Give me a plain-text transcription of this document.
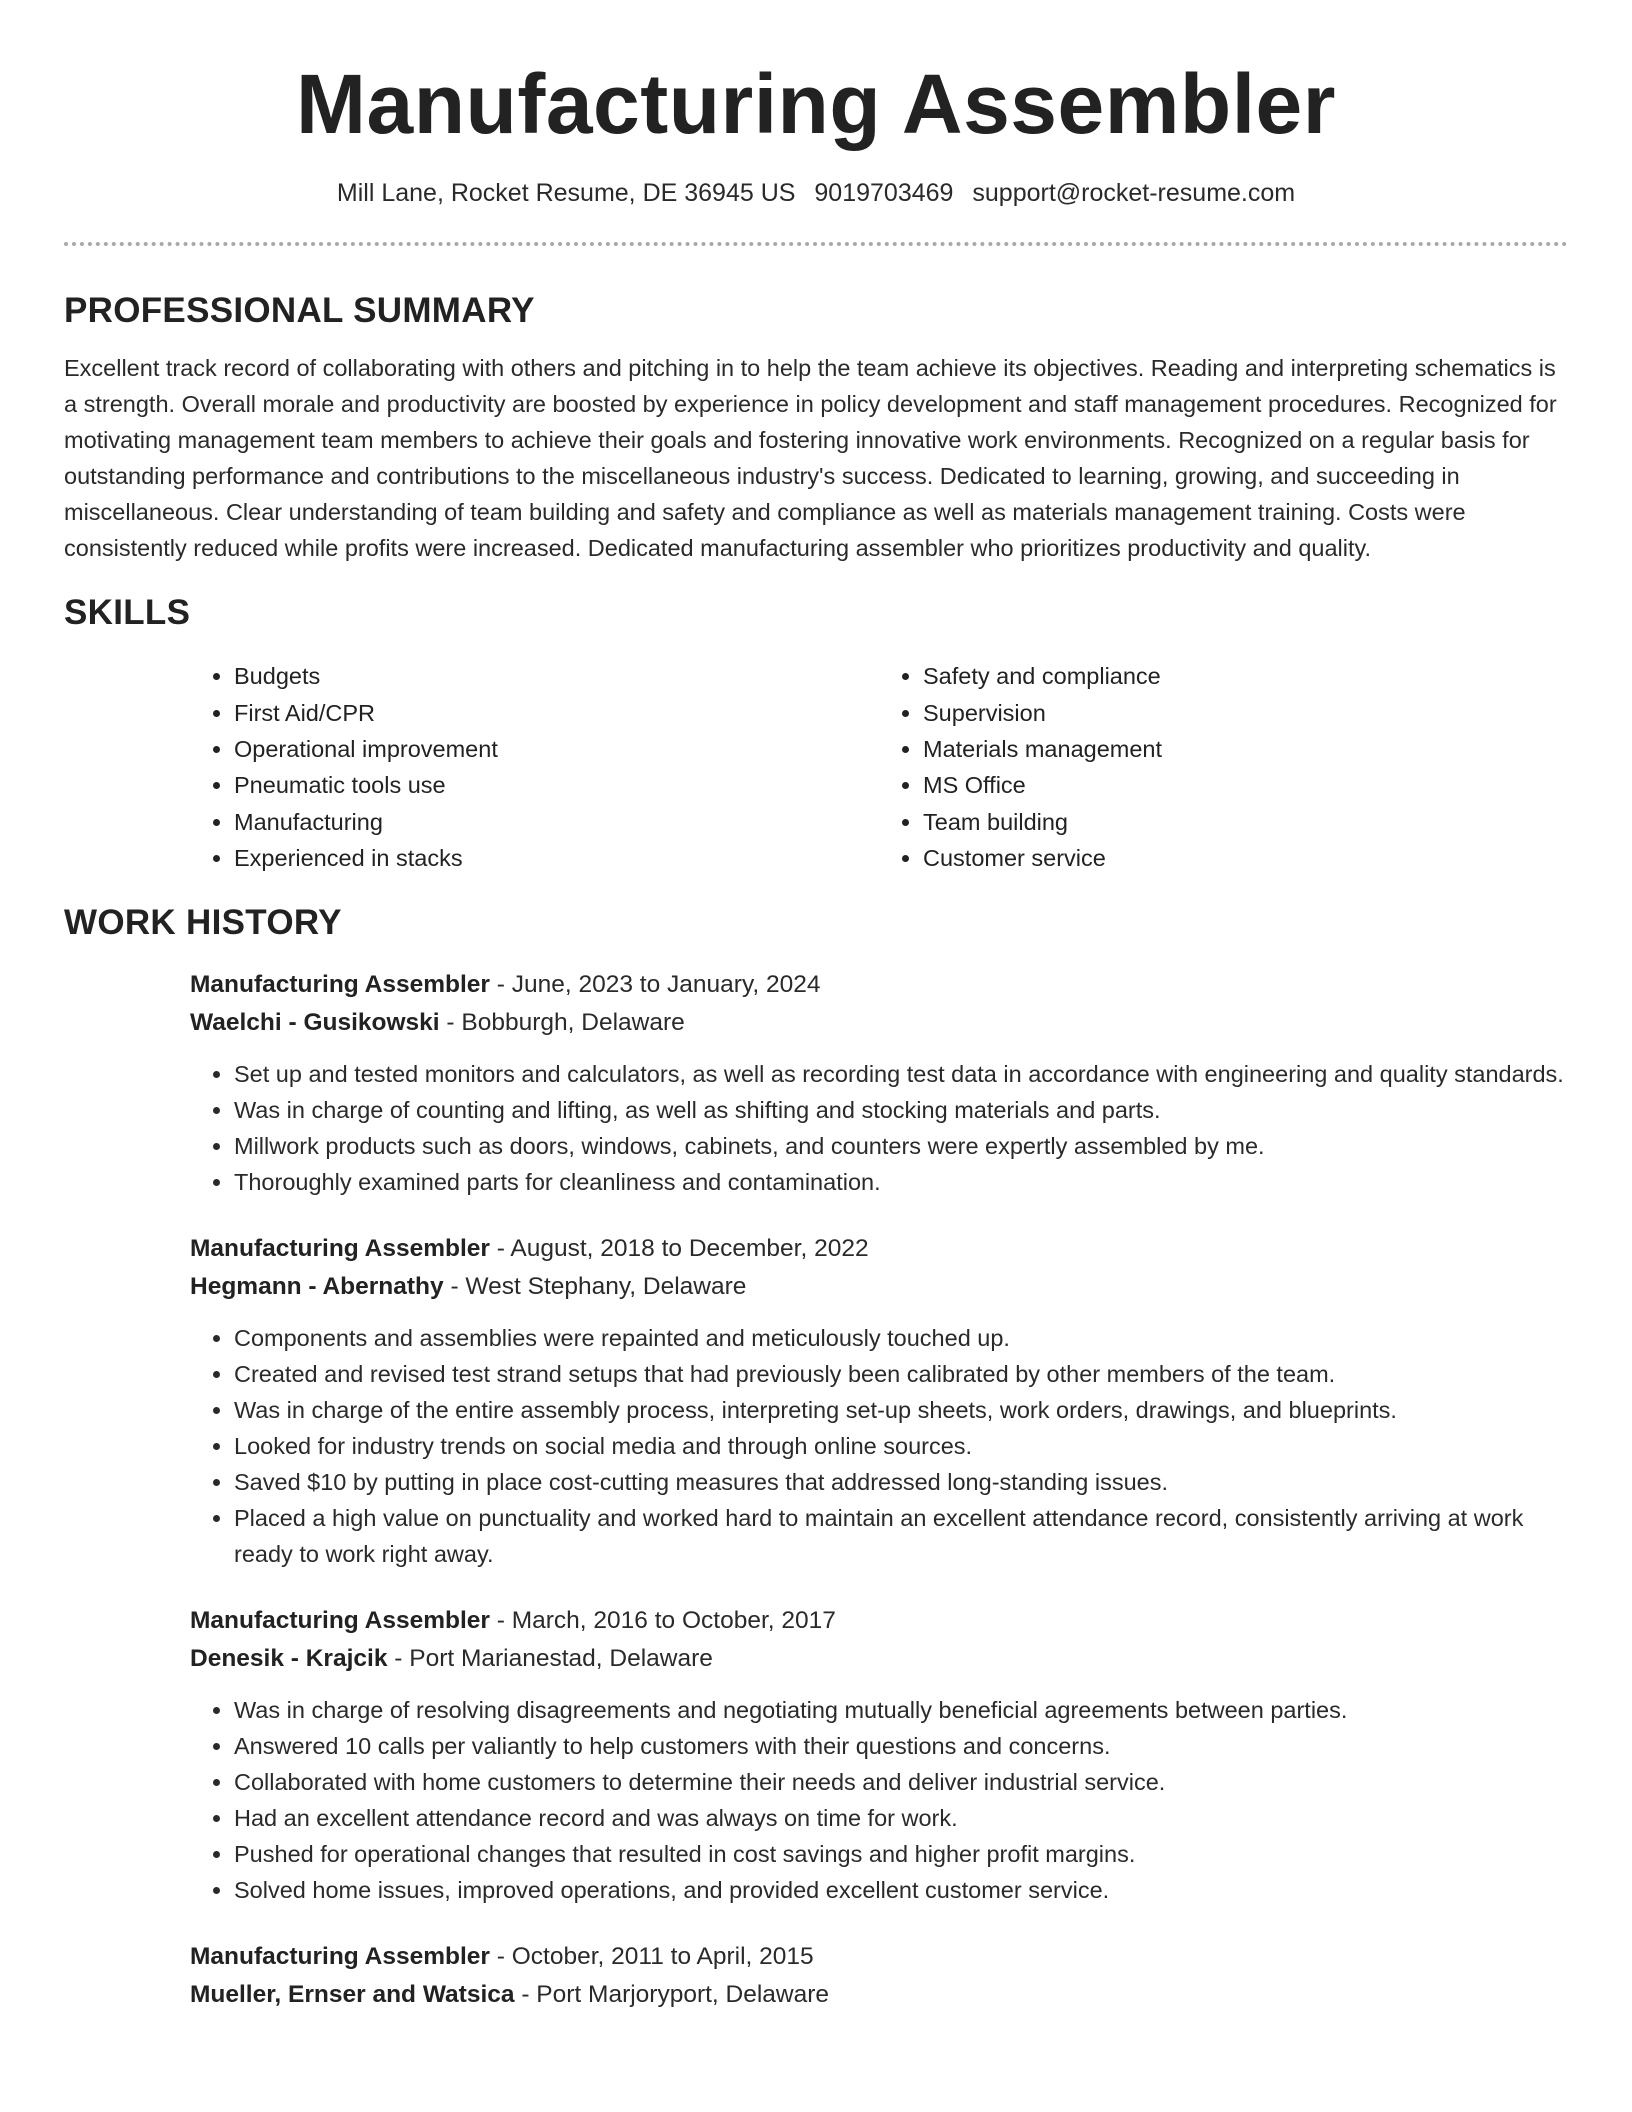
Manufacturing Assembler
Mill Lane, Rocket Resume, DE 36945 US 9019703469 support@rocket-resume.com
PROFESSIONAL SUMMARY

Excellent track record of collaborating with others and pitching in to help the team achieve its objectives. Reading and interpreting schematics is a strength. Overall morale and productivity are boosted by experience in policy development and staff management procedures. Recognized for motivating management team members to achieve their goals and fostering innovative work environments. Recognized on a regular basis for outstanding performance and contributions to the miscellaneous industry's success. Dedicated to learning, growing, and succeeding in miscellaneous. Clear understanding of team building and safety and compliance as well as materials management training. Costs were consistently reduced while profits were increased. Dedicated manufacturing assembler who prioritizes productivity and quality.

SKILLS
• Budgets
• First Aid/CPR
• Operational improvement
• Pneumatic tools use
• Manufacturing
• Experienced in stacks
• Safety and compliance
• Supervision
• Materials management
• MS Office
• Team building
• Customer service
WORK HISTORY
Manufacturing Assembler - June, 2023 to January, 2024
Waelchi - Gusikowski - Bobburgh, Delaware
• Set up and tested monitors and calculators, as well as recording test data in accordance with engineering and quality standards.
• Was in charge of counting and lifting, as well as shifting and stocking materials and parts.
• Millwork products such as doors, windows, cabinets, and counters were expertly assembled by me.
• Thoroughly examined parts for cleanliness and contamination.
Manufacturing Assembler - August, 2018 to December, 2022
Hegmann - Abernathy - West Stephany, Delaware
• Components and assemblies were repainted and meticulously touched up.
• Created and revised test strand setups that had previously been calibrated by other members of the team.
• Was in charge of the entire assembly process, interpreting set-up sheets, work orders, drawings, and blueprints.
• Looked for industry trends on social media and through online sources.
• Saved $10 by putting in place cost-cutting measures that addressed long-standing issues.
• Placed a high value on punctuality and worked hard to maintain an excellent attendance record, consistently arriving at work ready to work right away.
Manufacturing Assembler - March, 2016 to October, 2017
Denesik - Krajcik - Port Marianestad, Delaware
• Was in charge of resolving disagreements and negotiating mutually beneficial agreements between parties.
• Answered 10 calls per valiantly to help customers with their questions and concerns.
• Collaborated with home customers to determine their needs and deliver industrial service.
• Had an excellent attendance record and was always on time for work.
• Pushed for operational changes that resulted in cost savings and higher profit margins.
• Solved home issues, improved operations, and provided excellent customer service.
Manufacturing Assembler - October, 2011 to April, 2015
Mueller, Ernser and Watsica - Port Marjoryport, Delaware
